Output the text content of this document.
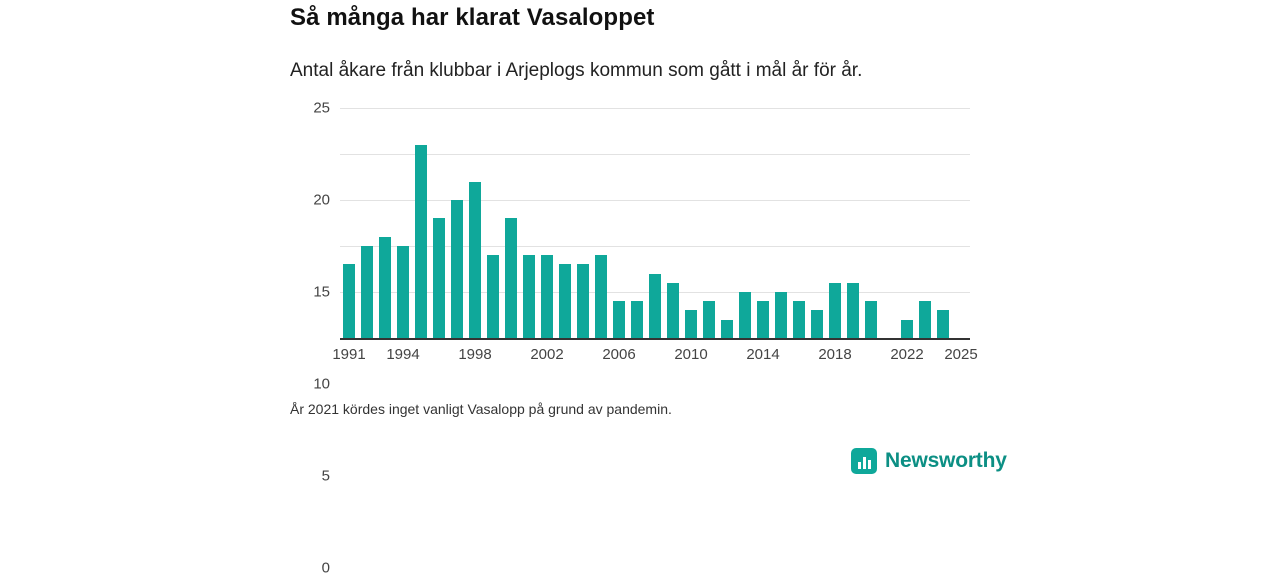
Så många har klarat Vasaloppet
Antal åkare från klubbar i Arjeplogs kommun som gått i mål år för år.
0
5
10
15
20
25
1991 1994	1998	2002	2006	2010	2014	2018	2022 2025
År 2021 kördes inget vanligt Vasalopp på grund av pandemin.
Newsworthy
